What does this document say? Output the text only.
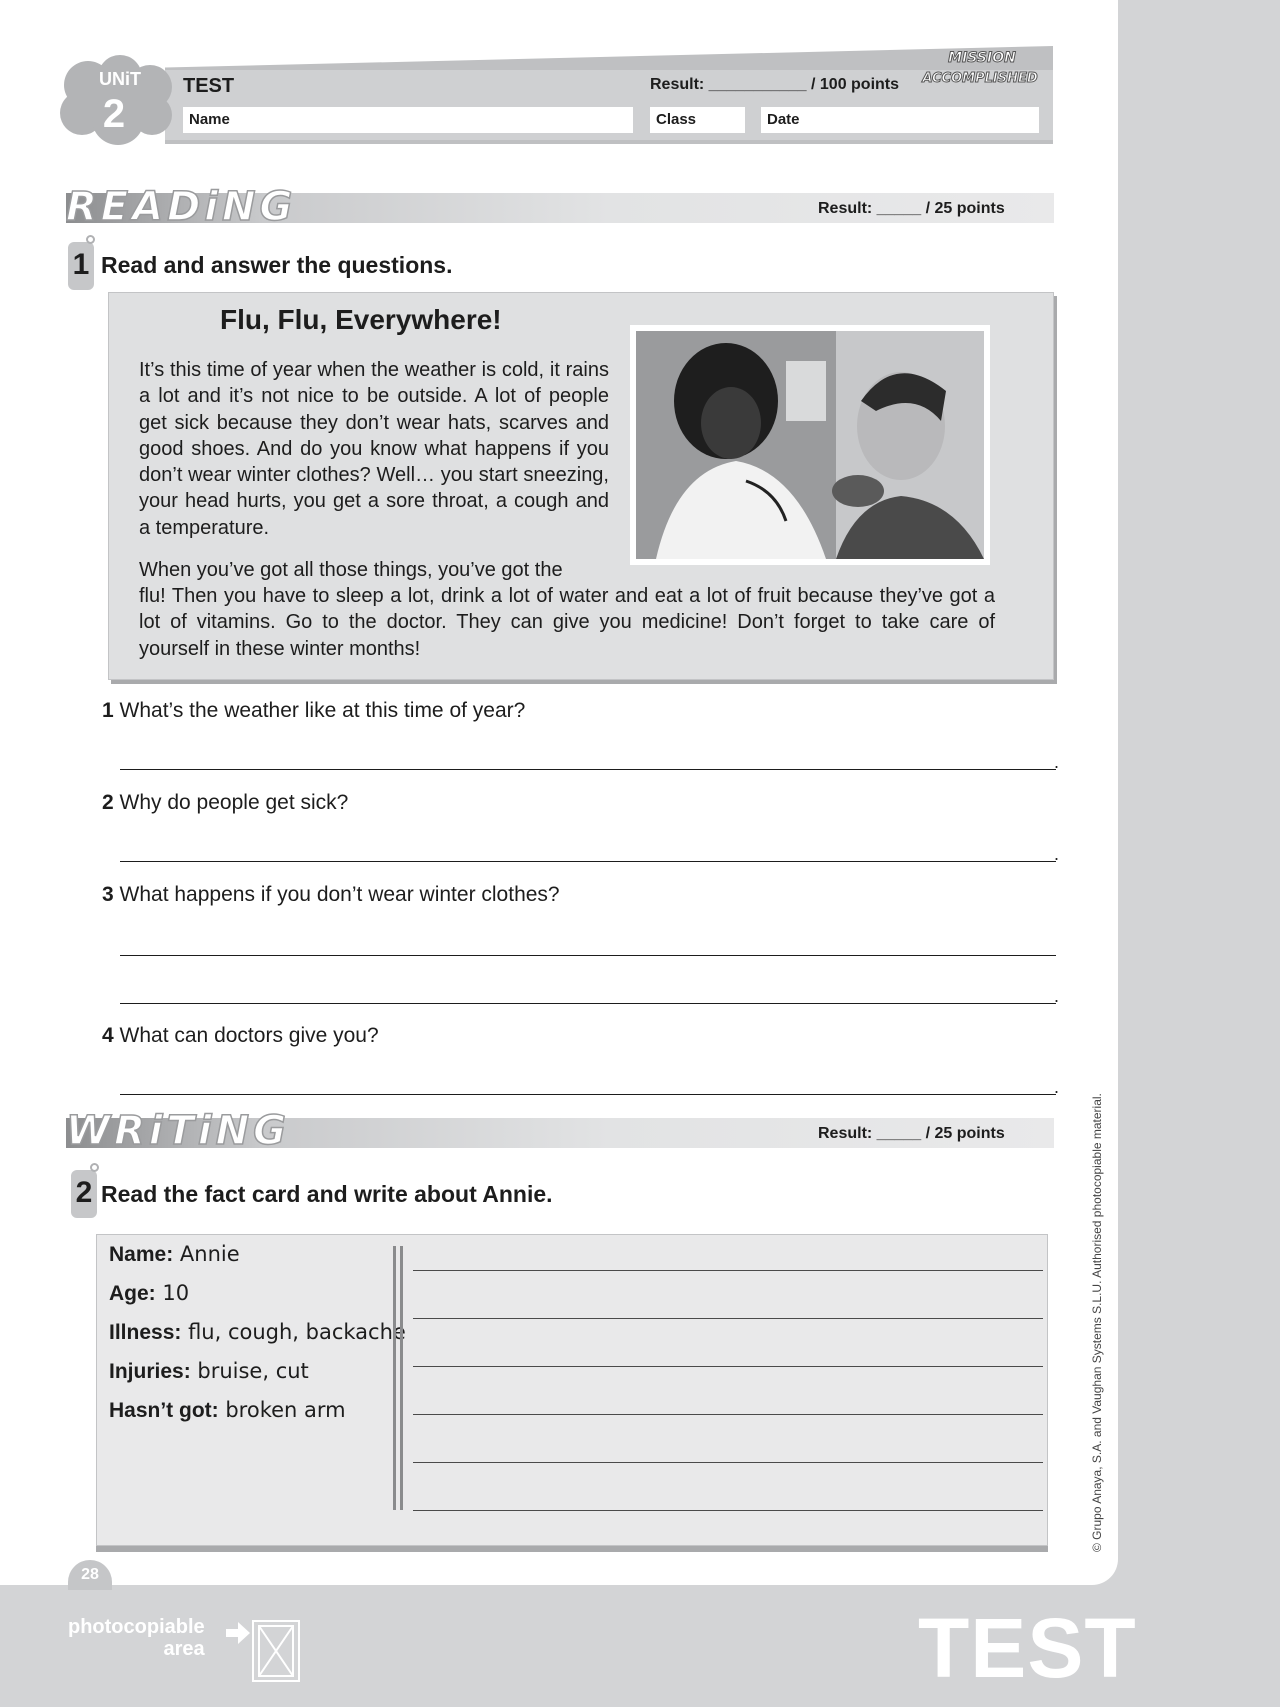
UNiT
2
TEST	Result: ___________ / 100 points
MISSION
ACCOMPLISHED
Name	Class	Date
READiNG	Result: _____ / 25 points
1 Read and answer the questions.
Flu, Flu, Everywhere!
It’s this time of year when the weather is cold, it rains a lot and it’s not nice to be outside. A lot of people get sick because they don’t wear hats, scarves and good shoes. And do you know what happens if you don’t wear winter clothes? Well… you start sneezing, your head hurts, you get a sore throat, a cough and a temperature.
When you’ve got all those things, you’ve got the
flu! Then you have to sleep a lot, drink a lot of water and eat a lot of fruit because they’ve got a lot of vitamins. Go to the doctor. They can give you medicine! Don’t forget to take care of yourself in these winter months!
1 What’s the weather like at this time of year?
.
2 Why do people get sick?
.
3 What happens if you don’t wear winter clothes?
.
4 What can doctors give you?
.
WRiTiNG	Result: _____ / 25 points
2 Read the fact card and write about Annie.
Name: Annie
Age: 10
Illness: flu, cough, backache
Injuries: bruise, cut
Hasn’t got: broken arm	© Grupo Anaya, S.A. and Vaughan Systems S.L.U. Authorised photocopiable material.
28
photocopiable
area	TEST
